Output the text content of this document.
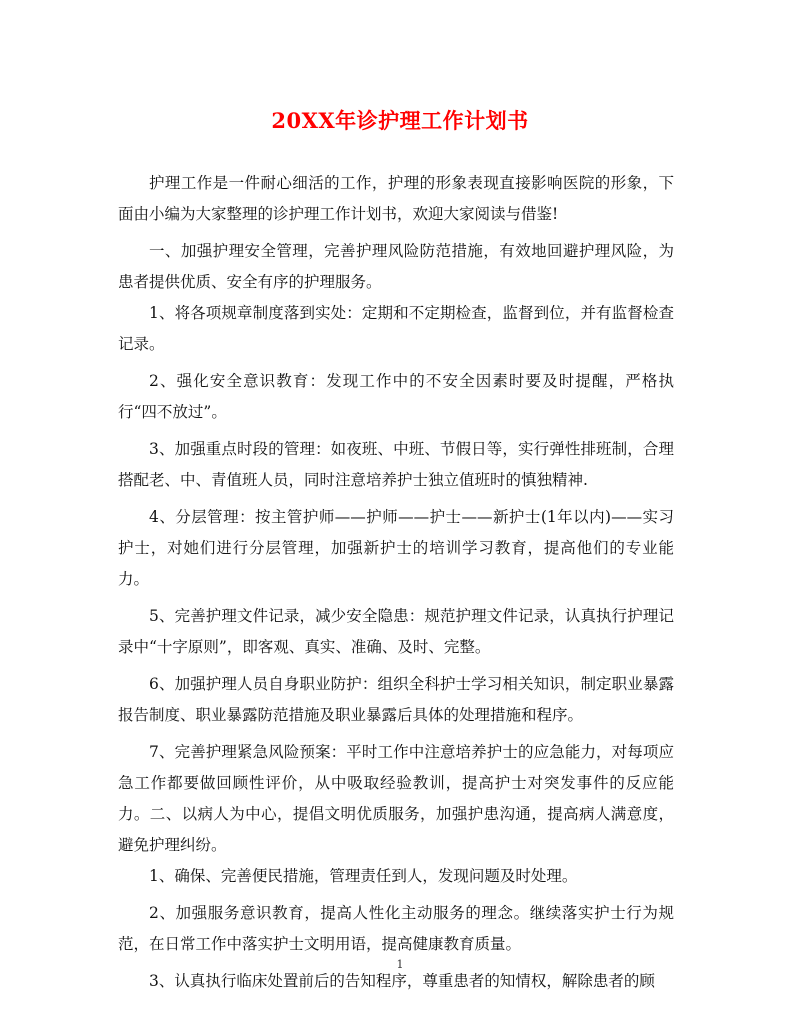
20XX年诊护理工作计划书

护理工作是一件耐心细活的工作，护理的形象表现直接影响医院的形象，下面由小编为大家整理的诊护理工作计划书，欢迎大家阅读与借鉴!

一、加强护理安全管理，完善护理风险防范措施，有效地回避护理风险，为患者提供优质、安全有序的护理服务。

1、将各项规章制度落到实处：定期和不定期检查，监督到位，并有监督检查记录。

2、强化安全意识教育：发现工作中的不安全因素时要及时提醒，严格执行“四不放过”。

3、加强重点时段的管理：如夜班、中班、节假日等，实行弹性排班制，合理搭配老、中、青值班人员，同时注意培养护士独立值班时的慎独精神.

4、分层管理：按主管护师——护师——护士——新护士(1年以内)——实习护士，对她们进行分层管理，加强新护士的培训学习教育，提高他们的专业能力。

5、完善护理文件记录，减少安全隐患：规范护理文件记录，认真执行护理记录中“十字原则”，即客观、真实、准确、及时、完整。

6、加强护理人员自身职业防护：组织全科护士学习相关知识，制定职业暴露报告制度、职业暴露防范措施及职业暴露后具体的处理措施和程序。

7、完善护理紧急风险预案：平时工作中注意培养护士的应急能力，对每项应急工作都要做回顾性评价，从中吸取经验教训，提高护士对突发事件的反应能力。二、以病人为中心，提倡文明优质服务，加强护患沟通，提高病人满意度，避免护理纠纷。

1、确保、完善便民措施，管理责任到人，发现问题及时处理。

2、加强服务意识教育，提高人性化主动服务的理念。继续落实护士行为规范，在日常工作中落实护士文明用语，提高健康教育质量。

3、认真执行临床处置前后的告知程序，尊重患者的知情权，解除患者的顾

1
